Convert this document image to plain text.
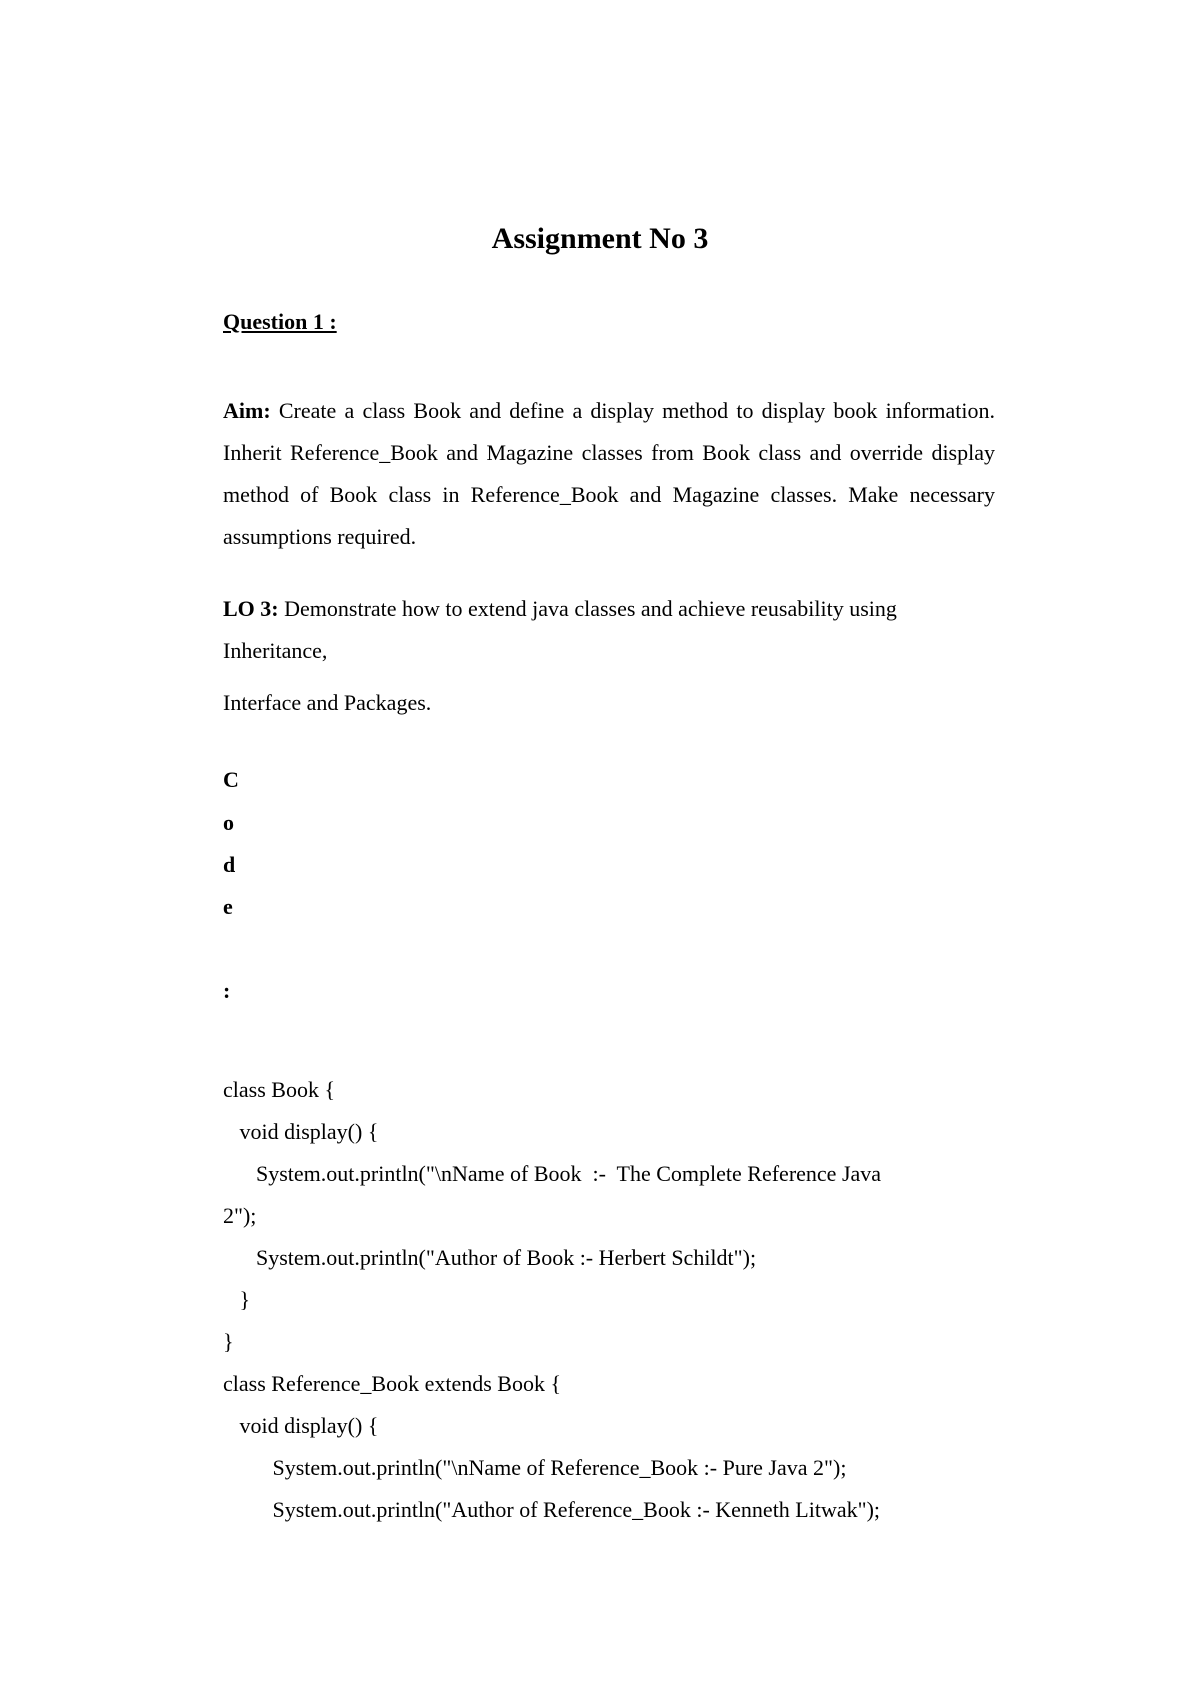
Assignment No 3
Question 1 :
Aim: Create a class Book and define a display method to display book information. Inherit Reference_Book and Magazine classes from Book class and override display method of Book class in Reference_Book and Magazine classes. Make necessary assumptions required.
LO 3: Demonstrate how to extend java classes and achieve reusability using Inheritance,
Interface and Packages.
C
o
d
e
:
class Book {
void display() {
System.out.println("\nName of Book  :-  The Complete Reference Java
2");
System.out.println("Author of Book :- Herbert Schildt");
}
}
class Reference_Book extends Book {
void display() {
System.out.println("\nName of Reference_Book :- Pure Java 2");
System.out.println("Author of Reference_Book :- Kenneth Litwak");
